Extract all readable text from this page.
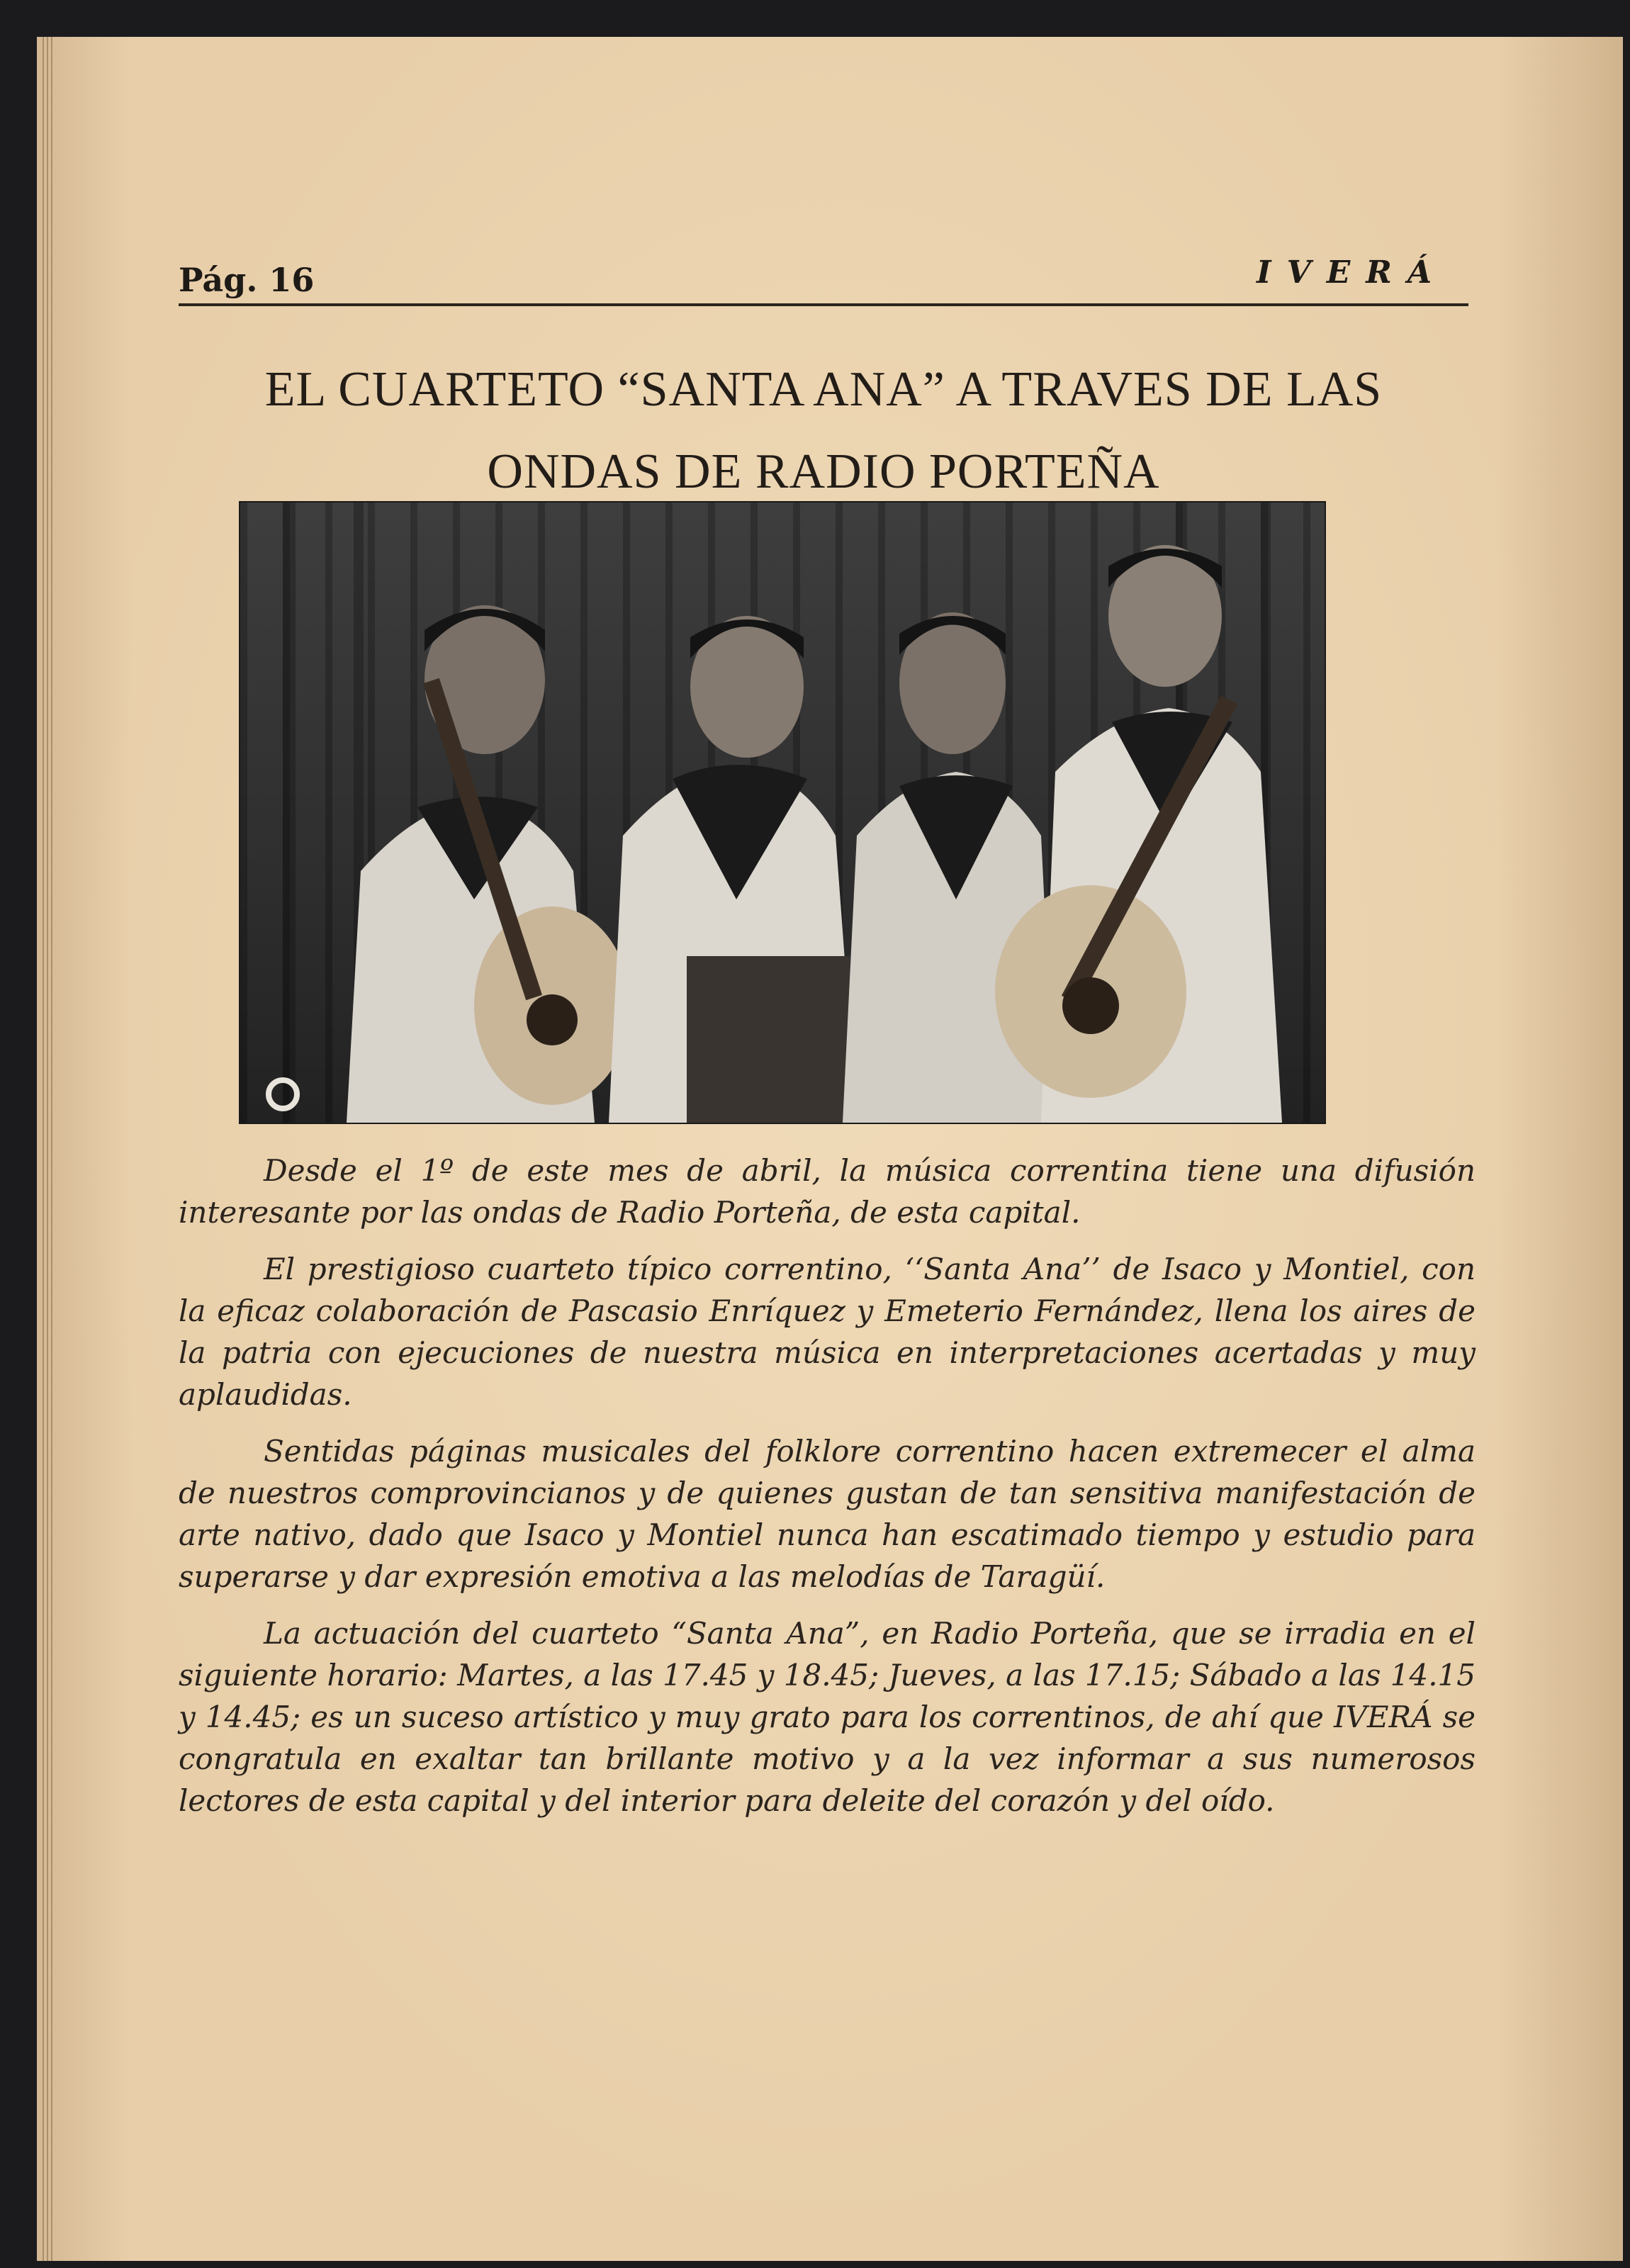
Pág. 16	IVERÁ
EL CUARTETO “SANTA ANA” A TRAVES DE LAS
ONDAS DE RADIO PORTEÑA

Desde el 1º de este mes de abril, la música correntina tiene una difusión interesante por las ondas de Radio Porteña, de esta capital.

El prestigioso cuarteto típico correntino, ‘‘Santa Ana’’ de Isaco y Montiel, con la eficaz colaboración de Pascasio Enríquez y Emeterio Fernández, llena los aires de la patria con ejecuciones de nuestra música en interpretaciones acertadas y muy aplaudidas.

Sentidas páginas musicales del folklore correntino hacen extremecer el alma de nuestros comprovincianos y de quienes gustan de tan sensitiva manifestación de arte nativo, dado que Isaco y Montiel nunca han escatimado tiempo y estudio para superarse y dar expresión emotiva a las melodías de Taragüí.

La actuación del cuarteto “Santa Ana”, en Radio Porteña, que se irradia en el siguiente horario: Martes, a las 17.45 y 18.45; Jueves, a las 17.15; Sábado a las 14.15 y 14.45; es un suceso artístico y muy grato para los correntinos, de ahí que IVERÁ se congratula en exaltar tan brillante motivo y a la vez informar a sus numerosos lectores de esta capital y del interior para deleite del corazón y del oído.
